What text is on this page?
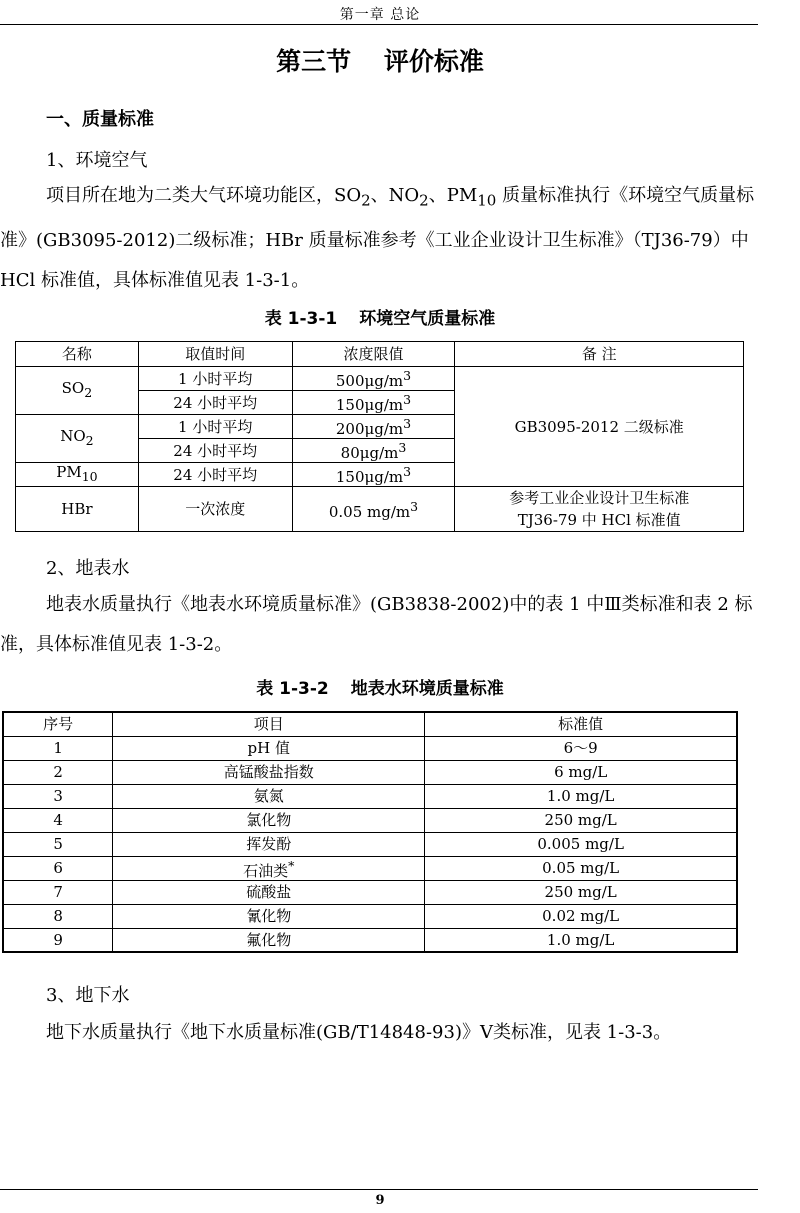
第一章 总论
第三节 评价标准
一、质量标准
1、环境空气
项目所在地为二类大气环境功能区，$SO_2$、$NO_2$、$PM_{10}$ 质量标准执行《环境空气质量标准》(GB3095-2012)二级标准；HBr 质量标准参考《工业企业设计卫生标准》（TJ36-79）中 HCl 标准值，具体标准值见表 1-3-1。
表 1-3-1 环境空气质量标准
名称	取值时间	浓度限值	备 注
$SO_2$	1 小时平均	$500\mu g/m^3$	GB3095-2012 二级标准
	24 小时平均	$150\mu g/m^3$
$NO_2$	1 小时平均	$200\mu g/m^3$
	24 小时平均	$80\mu g/m^3$
$PM_{10}$	24 小时平均	$150\mu g/m^3$
HBr	一次浓度	0.05 $mg/m^3$	参考工业企业设计卫生标准
TJ36-79 中 HCl 标准值
2、地表水
地表水质量执行《地表水环境质量标准》(GB3838-2002)中的表 1 中Ⅲ类标准和表 2 标准，具体标准值见表 1-3-2。
表 1-3-2 地表水环境质量标准
序号	项目	标准值
1	pH 值	6～9
2	高锰酸盐指数	6 mg/L
3	氨氮	1.0 mg/L
4	氯化物	250 mg/L
5	挥发酚	0.005 mg/L
6	石油类*	0.05 mg/L
7	硫酸盐	250 mg/L
8	氰化物	0.02 mg/L
9	氟化物	1.0 mg/L
3、地下水
地下水质量执行《地下水质量标准(GB/T14848-93)》Ⅴ类标准，见表 1-3-3。
9
